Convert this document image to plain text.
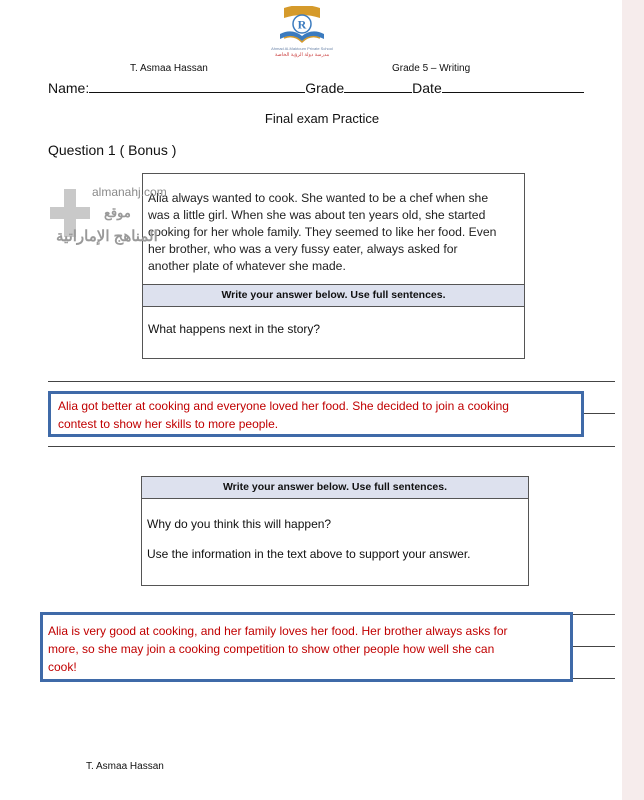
R
Ahmad Al-Maktoum Private School
مدرسة دولة الرؤية الخاصة
T. Asmaa Hassan	Grade 5 – Writing
Name:	Grade	Date
Final exam Practice
Question 1 ( Bonus )
Alia always wanted to cook. She wanted to be a chef when she
was a little girl. When she was about ten years old, she started
cooking for her whole family. They seemed to like her food. Even
her brother, who was a very fussy eater, always asked for
another plate of whatever she made.
Write your answer below. Use full sentences.
What happens next in the story?
almanahj.com
موقع
المناهج الإماراتية
Alia got better at cooking and everyone loved her food. She decided to join a cooking
contest to show her skills to more people.
Write your answer below. Use full sentences.
Why do you think this will happen?
Use the information in the text above to support your answer.
Alia is very good at cooking, and her family loves her food. Her brother always asks for
more, so she may join a cooking competition to show other people how well she can
cook!
T. Asmaa Hassan
